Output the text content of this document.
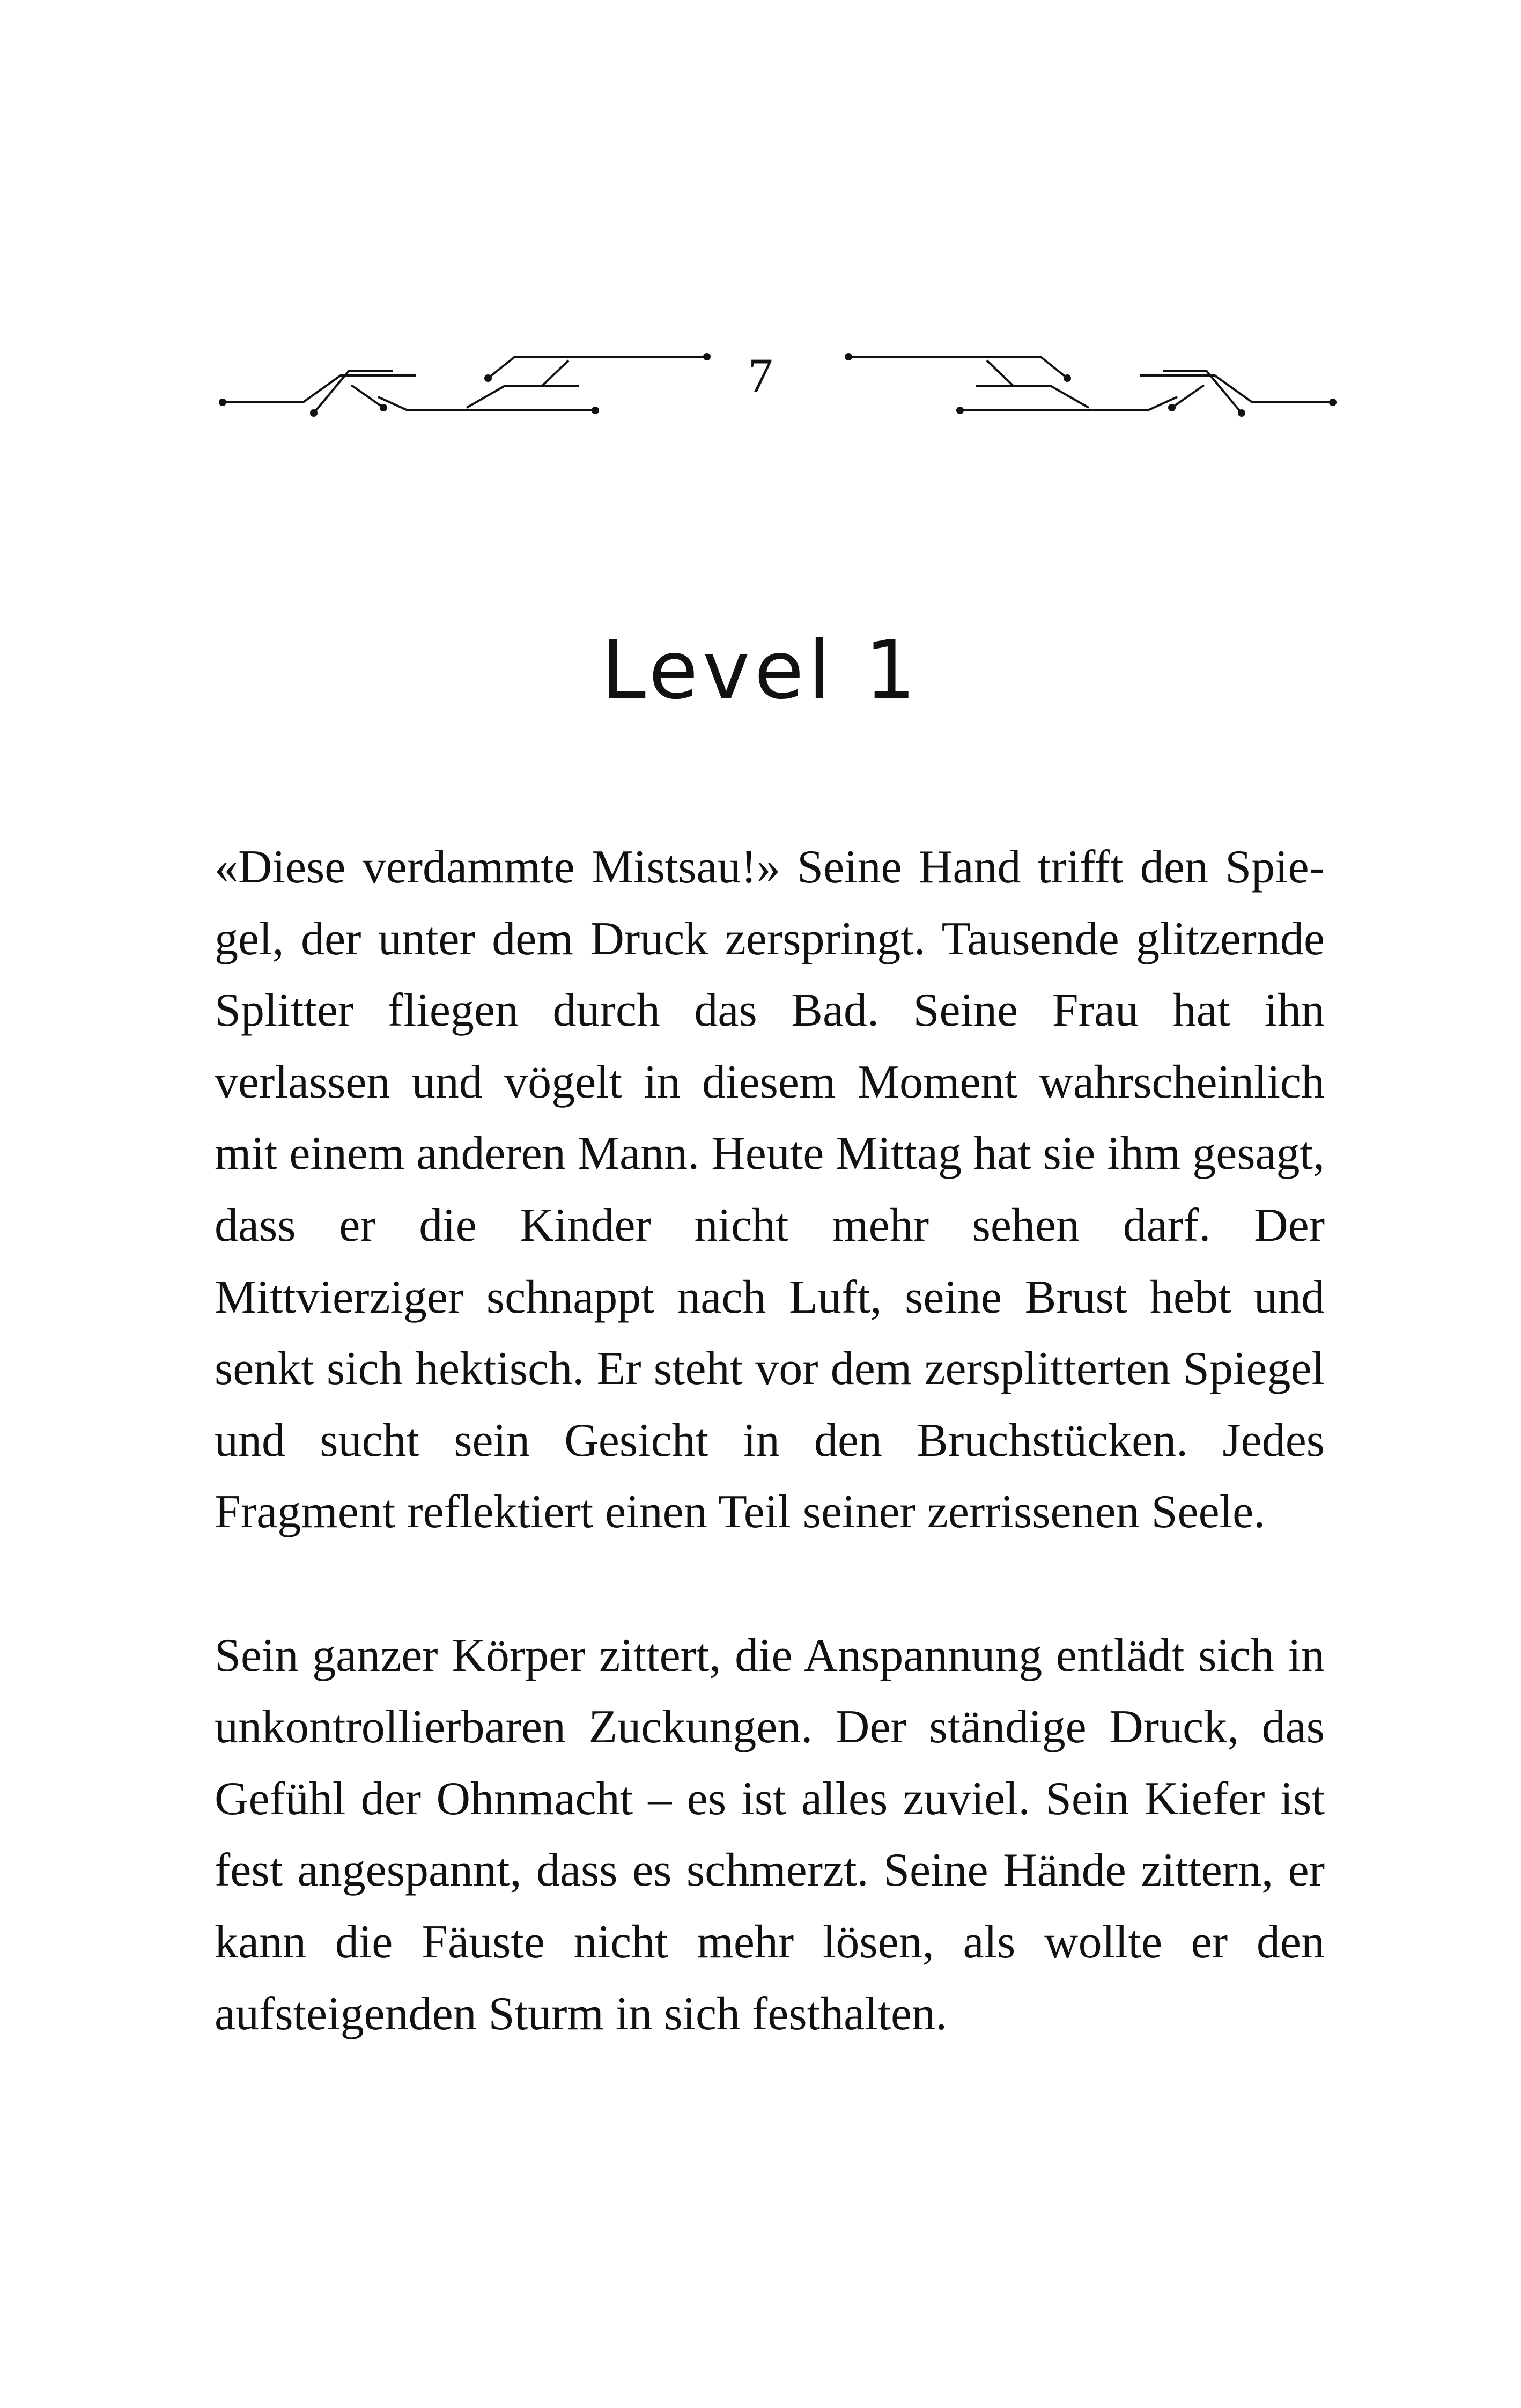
7
Level 1

«Diese verdammte Mistsau!» Seine Hand trifft den Spiegel, der unter dem Druck zerspringt. Tausende glitzernde Splitter fliegen durch das Bad. Seine Frau hat ihn verlassen und vögelt in diesem Moment wahrscheinlich mit einem anderen Mann. Heute Mittag hat sie ihm gesagt, dass er die Kinder nicht mehr sehen darf. Der Mittvierziger schnappt nach Luft, seine Brust hebt und senkt sich hektisch. Er steht vor dem zersplitterten Spiegel und sucht sein Gesicht in den Bruchstücken. Jedes Fragment reflektiert einen Teil seiner zerrissenen Seele.

Sein ganzer Körper zittert, die Anspannung entlädt sich in unkontrollierbaren Zuckungen. Der ständige Druck, das Gefühl der Ohnmacht – es ist alles zuviel. Sein Kiefer ist fest angespannt, dass es schmerzt. Seine Hände zittern, er kann die Fäuste nicht mehr lösen, als wollte er den aufsteigenden Sturm in sich festhalten.
